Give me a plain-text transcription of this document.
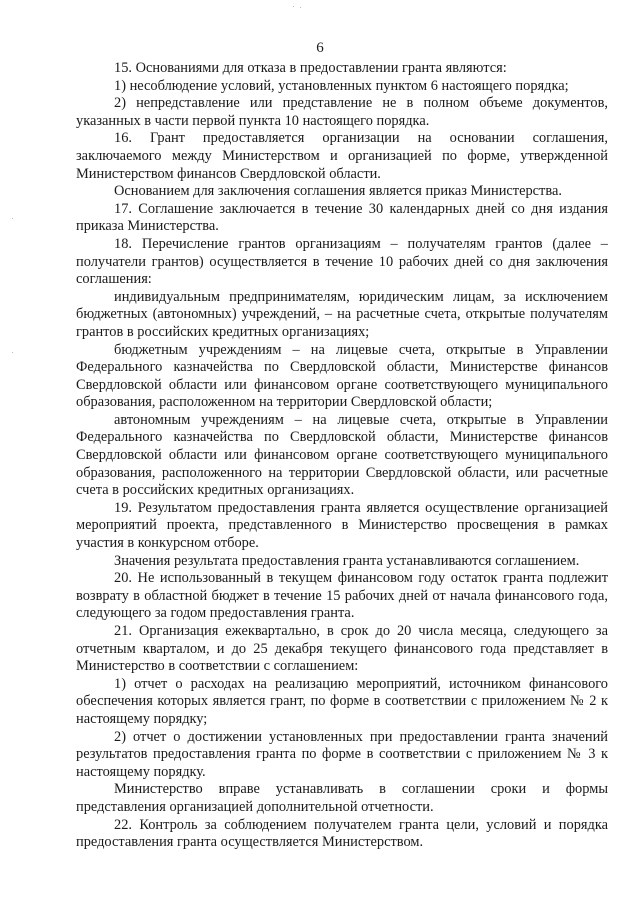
6

15. Основаниями для отказа в предоставлении гранта являются:

1) несоблюдение условий, установленных пунктом 6 настоящего порядка;

2) непредставление или представление не в полном объеме документов, указанных в части первой пункта 10 настоящего порядка.

16. Грант предоставляется организации на основании соглашения, заключаемого между Министерством и организацией по форме, утвержденной Министерством финансов Свердловской области.

Основанием для заключения соглашения является приказ Министерства.

17. Соглашение заключается в течение 30 календарных дней со дня издания приказа Министерства.

18. Перечисление грантов организациям – получателям грантов (далее – получатели грантов) осуществляется в течение 10 рабочих дней со дня заключения соглашения:

индивидуальным предпринимателям, юридическим лицам, за исключением бюджетных (автономных) учреждений, – на расчетные счета, открытые получателям грантов в российских кредитных организациях;

бюджетным учреждениям – на лицевые счета, открытые в Управлении Федерального казначейства по Свердловской области, Министерстве финансов Свердловской области или финансовом органе соответствующего муниципального образования, расположенном на территории Свердловской области;

автономным учреждениям – на лицевые счета, открытые в Управлении Федерального казначейства по Свердловской области, Министерстве финансов Свердловской области или финансовом органе соответствующего муниципального образования, расположенного на территории Свердловской области, или расчетные счета в российских кредитных организациях.

19. Результатом предоставления гранта является осуществление организацией мероприятий проекта, представленного в Министерство просвещения в рамках участия в конкурсном отборе.

Значения результата предоставления гранта устанавливаются соглашением.

20. Не использованный в текущем финансовом году остаток гранта подлежит возврату в областной бюджет в течение 15 рабочих дней от начала финансового года, следующего за годом предоставления гранта.

21. Организация ежеквартально, в срок до 20 числа месяца, следующего за отчетным кварталом, и до 25 декабря текущего финансового года представляет в Министерство в соответствии с соглашением:

1) отчет о расходах на реализацию мероприятий, источником финансового обеспечения которых является грант, по форме в соответствии с приложением № 2 к настоящему порядку;

2) отчет о достижении установленных при предоставлении гранта значений результатов предоставления гранта по форме в соответствии с приложением № 3 к настоящему порядку.

Министерство вправе устанавливать в соглашении сроки и формы представления организацией дополнительной отчетности.

22. Контроль за соблюдением получателем гранта цели, условий и порядка предоставления гранта осуществляется Министерством.
